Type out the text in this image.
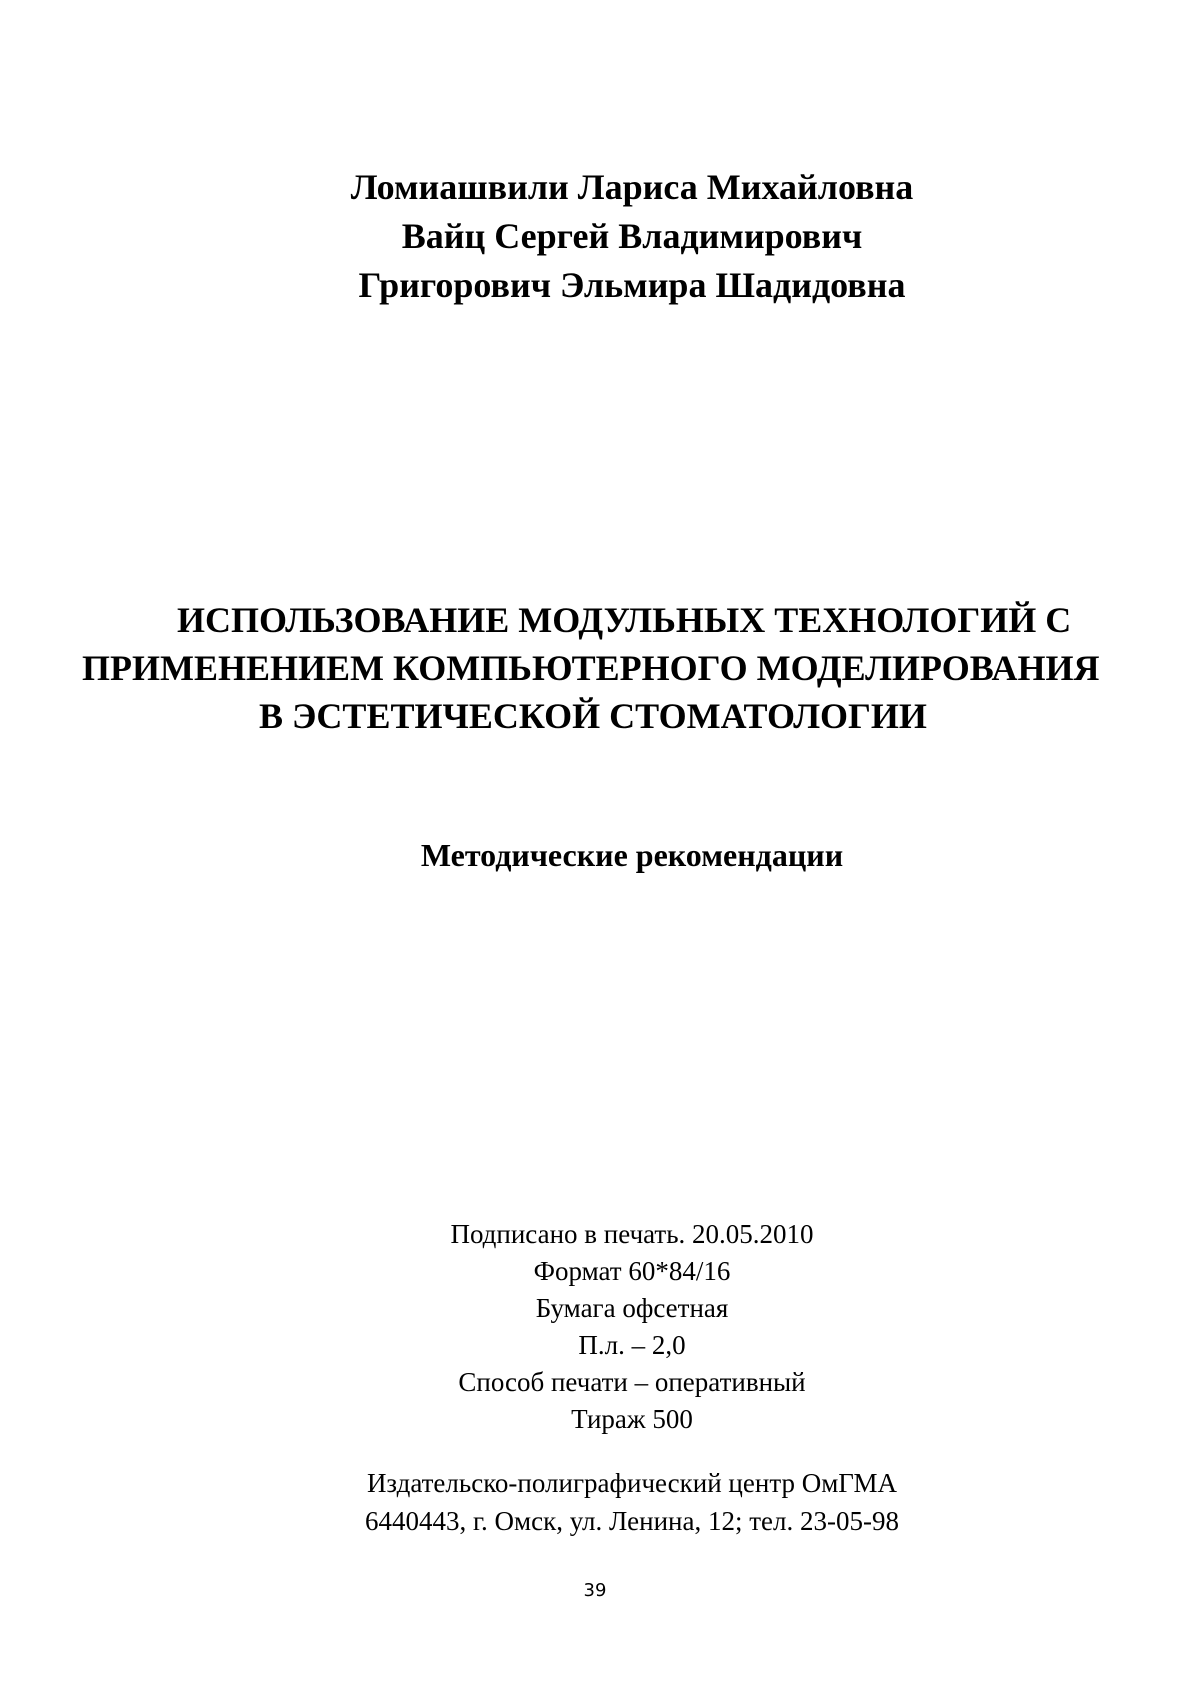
Ломиашвили Лариса Михайловна
Вайц Сергей Владимирович
Григорович Эльмира Шадидовна
ИСПОЛЬЗОВАНИЕ МОДУЛЬНЫХ ТЕХНОЛОГИЙ С
ПРИМЕНЕНИЕМ КОМПЬЮТЕРНОГО МОДЕЛИРОВАНИЯ
В ЭСТЕТИЧЕСКОЙ СТОМАТОЛОГИИ
Методические рекомендации
Подписано в печать. 20.05.2010
Формат 60*84/16
Бумага офсетная
П.л. – 2,0
Способ печати – оперативный
Тираж 500
Издательско-полиграфический центр ОмГМА
6440443, г. Омск, ул. Ленина, 12; тел. 23-05-98
39
